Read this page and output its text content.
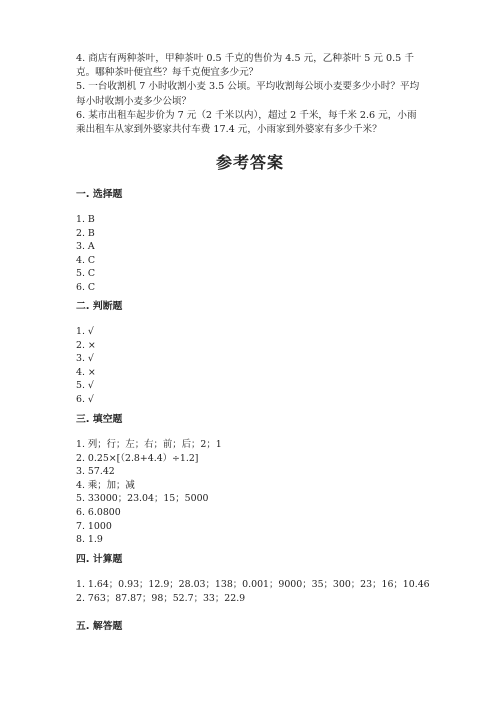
4. 商店有两种茶叶，甲种茶叶 0.5 千克的售价为 4.5 元，乙种茶叶 5 元 0.5 千克。哪种茶叶便宜些？每千克便宜多少元？

5. 一台收割机 7 小时收割小麦 3.5 公顷。平均收割每公顷小麦要多少小时？平均每小时收割小麦多少公顷？

6. 某市出租车起步价为 7 元（2 千米以内），超过 2 千米，每千米 2.6 元，小雨乘出租车从家到外婆家共付车费 17.4 元，小雨家到外婆家有多少千米？

参考答案

一. 选择题

1. B
2. B
3. A
4. C
5. C
6. C

二. 判断题

1. √
2. ×
3. √
4. ×
5. √
6. √

三. 填空题

1. 列；行；左；右；前；后；2；1
2. 0.25×[（2.8+4.4）÷1.2]
3. 57.42
4. 乘；加；减
5. 33000；23.04；15；5000
6. 6.0800
7. 1000
8. 1.9

四. 计算题

1. 1.64；0.93；12.9；28.03；138；0.001；9000；35；300；23；16；10.46
2. 763；87.87；98；52.7；33；22.9

五. 解答题
